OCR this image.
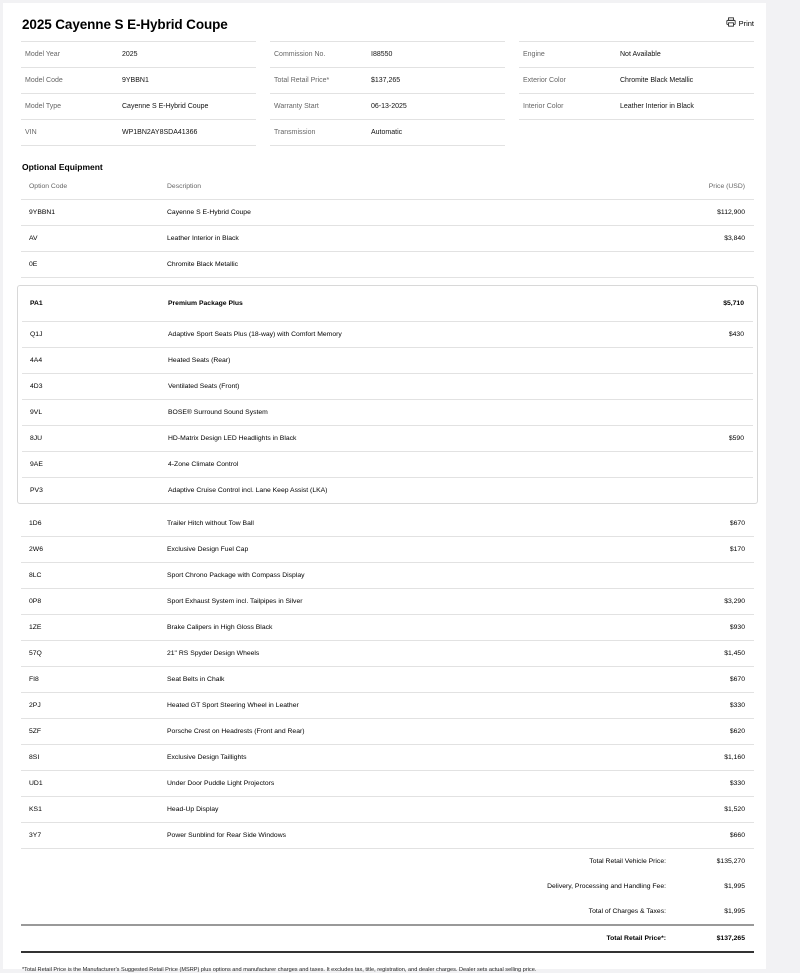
2025 Cayenne S E-Hybrid Coupe	Print
Model Year	2025
Model Code	9YBBN1
Model Type	Cayenne S E-Hybrid Coupe
VIN	WP1BN2AY8SDA41366
Commission No.	I88550
Total Retail Price*	$137,265
Warranty Start	06-13-2025
Transmission	Automatic
Engine	Not Available
Exterior Color	Chromite Black Metallic
Interior Color	Leather Interior in Black
Optional Equipment
Option Code	Description	Price (USD)
9YBBN1	Cayenne S E-Hybrid Coupe	$112,900
AV	Leather Interior in Black	$3,840
0E	Chromite Black Metallic
PA1	Premium Package Plus	$5,710
Q1J	Adaptive Sport Seats Plus (18-way) with Comfort Memory	$430
4A4	Heated Seats (Rear)
4D3	Ventilated Seats (Front)
9VL	BOSE® Surround Sound System
8JU	HD-Matrix Design LED Headlights in Black	$590
9AE	4-Zone Climate Control
PV3	Adaptive Cruise Control incl. Lane Keep Assist (LKA)
1D6	Trailer Hitch without Tow Ball	$670
2W6	Exclusive Design Fuel Cap	$170
8LC	Sport Chrono Package with Compass Display
0P8	Sport Exhaust System incl. Tailpipes in Silver	$3,290
1ZE	Brake Calipers in High Gloss Black	$930
57Q	21" RS Spyder Design Wheels	$1,450
FI8	Seat Belts in Chalk	$670
2PJ	Heated GT Sport Steering Wheel in Leather	$330
5ZF	Porsche Crest on Headrests (Front and Rear)	$620
8SI	Exclusive Design Taillights	$1,160
UD1	Under Door Puddle Light Projectors	$330
KS1	Head-Up Display	$1,520
3Y7	Power Sunblind for Rear Side Windows	$660
Total Retail Vehicle Price:	$135,270
Delivery, Processing and Handling Fee:	$1,995
Total of Charges & Taxes:	$1,995
Total Retail Price*:	$137,265
*Total Retail Price is the Manufacturer's Suggested Retail Price (MSRP) plus options and manufacturer charges and taxes. It excludes tax, title, registration, and dealer charges. Dealer sets actual selling price.
